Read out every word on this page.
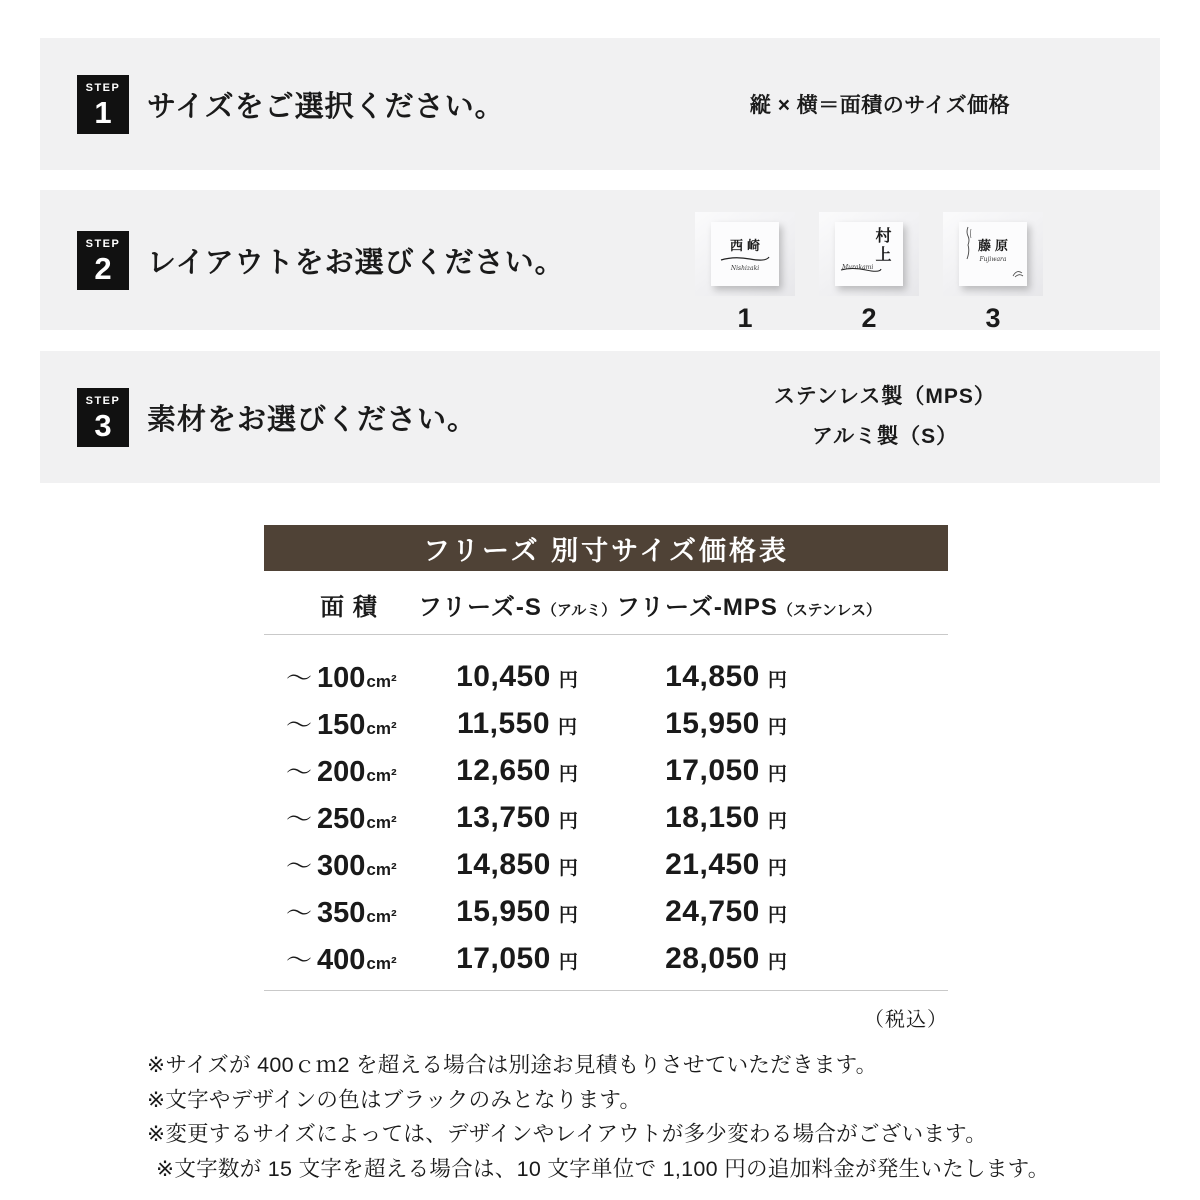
STEP
1 サイズをご選択ください。	縦 × 横＝面積のサイズ価格
STEP
2 レイアウトをお選びください。	西崎
Nishizaki
1
村上
Murakami
2
藤原
Fujiwara
3
STEP
3 素材をお選びください。
ステンレス製（MPS）
アルミ製（S）
フリーズ 別寸サイズ価格表
面 積	フリーズ-S（アルミ） フリーズ-MPS（ステンレス）
～ 100 cm² 10,450 円	14,850 円
～ 150 cm² 11,550 円	15,950 円
～ 200 cm² 12,650 円	17,050 円
～ 250 cm² 13,750 円	18,150 円
～ 300 cm² 14,850 円	21,450 円
～ 350 cm² 15,950 円	24,750 円
～ 400 cm² 17,050 円	28,050 円
（税込）
※サイズが 400ｃｍ2 を超える場合は別途お見積もりさせていただきます。
※文字やデザインの色はブラックのみとなります。
※変更するサイズによっては、デザインやレイアウトが多少変わる場合がございます。
※文字数が 15 文字を超える場合は、10 文字単位で 1,100 円の追加料金が発生いたします。
